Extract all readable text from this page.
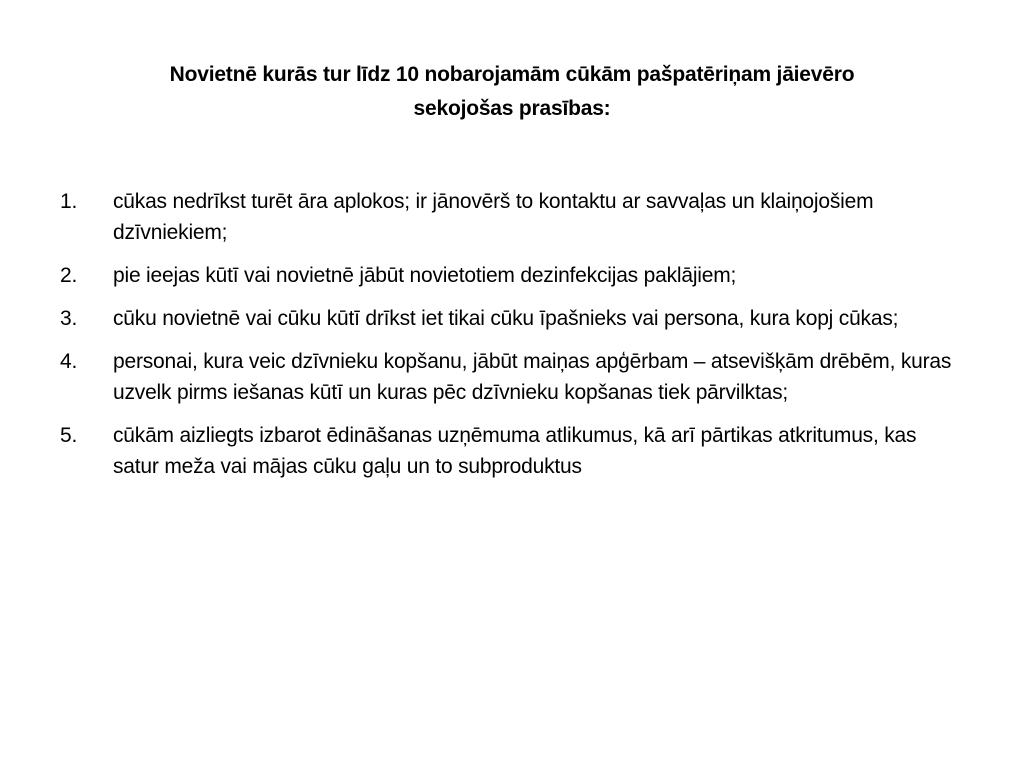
Novietnē kurās tur līdz 10 nobarojamām cūkām pašpatēriņam jāievēro
sekojošas prasības:
1. cūkas nedrīkst turēt āra aplokos; ir jānovērš to kontaktu ar savvaļas un klaiņojošiem dzīvniekiem;
2. pie ieejas kūtī vai novietnē jābūt novietotiem dezinfekcijas paklājiem;
3. cūku novietnē vai cūku kūtī drīkst iet tikai cūku īpašnieks vai persona, kura kopj cūkas;
4. personai, kura veic dzīvnieku kopšanu, jābūt maiņas apģērbam – atsevišķām drēbēm, kuras uzvelk pirms iešanas kūtī un kuras pēc dzīvnieku kopšanas tiek pārvilktas;
5. cūkām aizliegts izbarot ēdināšanas uzņēmuma atlikumus, kā arī pārtikas atkritumus, kas satur meža vai mājas cūku gaļu un to subproduktus
